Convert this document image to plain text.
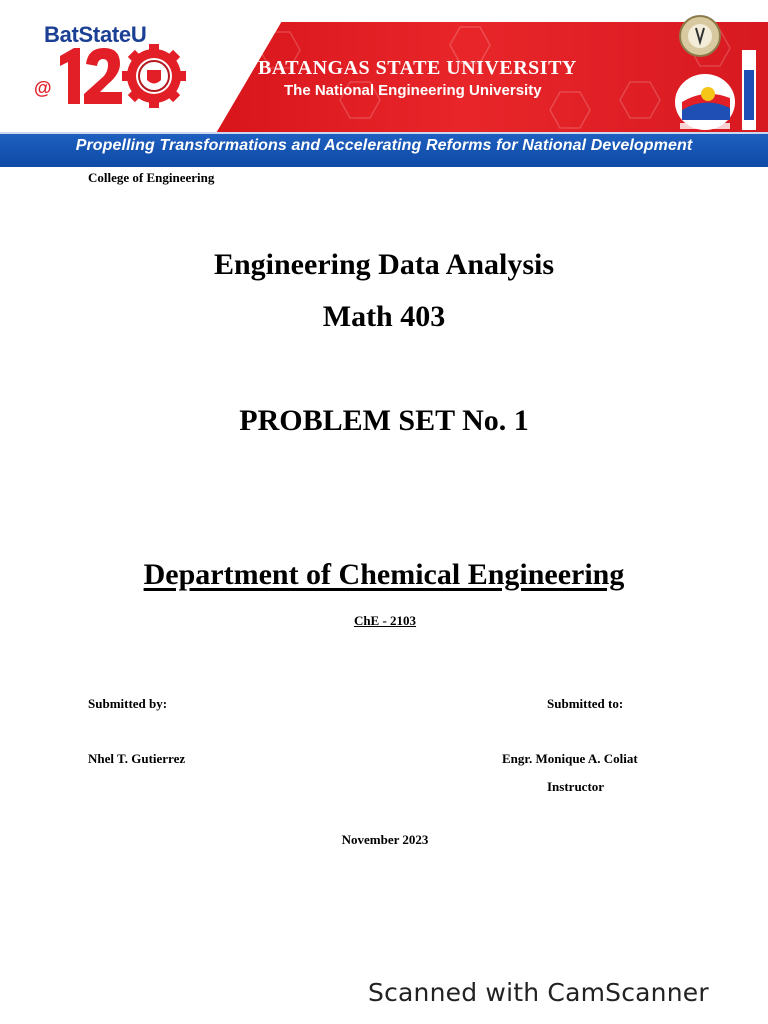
BatStateU
@
BATANGAS STATE UNIVERSITY
The National Engineering University
Propelling Transformations and Accelerating Reforms for National Development
College of Engineering
Engineering Data Analysis
Math 403
PROBLEM SET No. 1
Department of Chemical Engineering
ChE - 2103
Submitted by:	Submitted to:
Nhel T. Gutierrez	Engr. Monique A. Coliat
Instructor
November 2023
Scanned with CamScanner
